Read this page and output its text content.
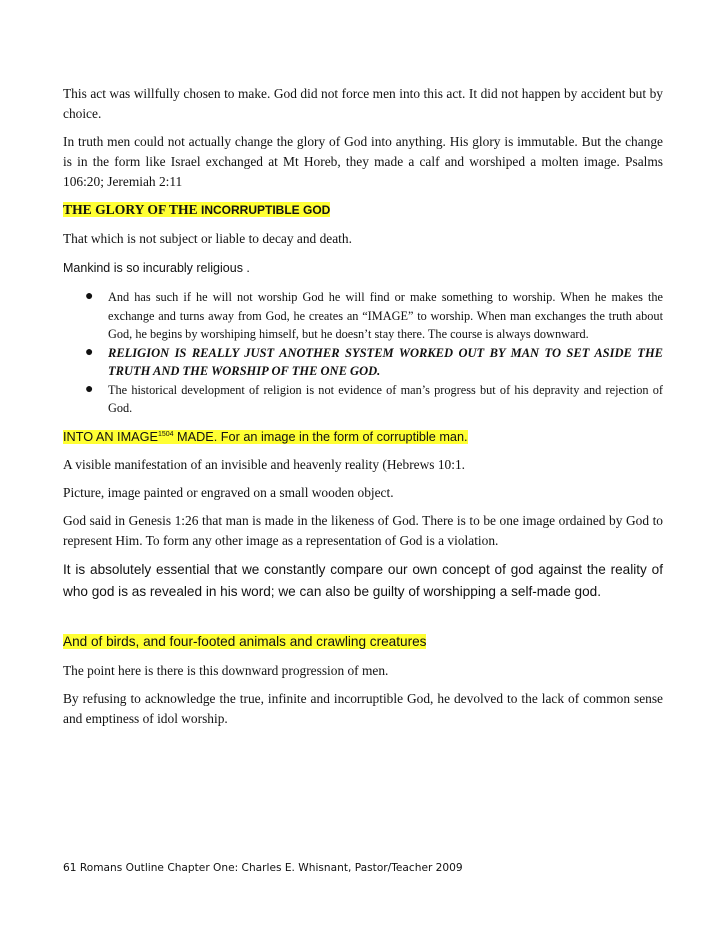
This act was willfully chosen to make. God did not force men into this act. It did not happen by accident but by choice.

In truth men could not actually change the glory of God into anything. His glory is immutable. But the change is in the form like Israel exchanged at Mt Horeb, they made a calf and worshiped a molten image. Psalms 106:20; Jeremiah 2:11

THE GLORY OF THE INCORRUPTIBLE GOD

That which is not subject or liable to decay and death.

Mankind is so incurably religious .

● And has such if he will not worship God he will find or make something to worship. When he makes the exchange and turns away from God, he creates an “IMAGE” to worship. When man exchanges the truth about God, he begins by worshiping himself, but he doesn’t stay there. The course is always downward.
● RELIGION IS REALLY JUST ANOTHER SYSTEM WORKED OUT BY MAN TO SET ASIDE THE TRUTH AND THE WORSHIP OF THE ONE GOD.
● The historical development of religion is not evidence of man’s progress but of his depravity and rejection of God.

INTO AN $IMAGE^{1504}$ MADE. For an image in the form of corruptible man.

A visible manifestation of an invisible and heavenly reality (Hebrews 10:1.

Picture, image painted or engraved on a small wooden object.

God said in Genesis 1:26 that man is made in the likeness of God. There is to be one image ordained by God to represent Him. To form any other image as a representation of God is a violation.

It is absolutely essential that we constantly compare our own concept of god against the reality of who god is as revealed in his word; we can also be guilty of worshipping a self-made god.

And of birds, and four-footed animals and crawling creatures

The point here is there is this downward progression of men.

By refusing to acknowledge the true, infinite and incorruptible God, he devolved to the lack of common sense and emptiness of idol worship.

61 Romans Outline Chapter One: Charles E. Whisnant, Pastor/Teacher 2009
